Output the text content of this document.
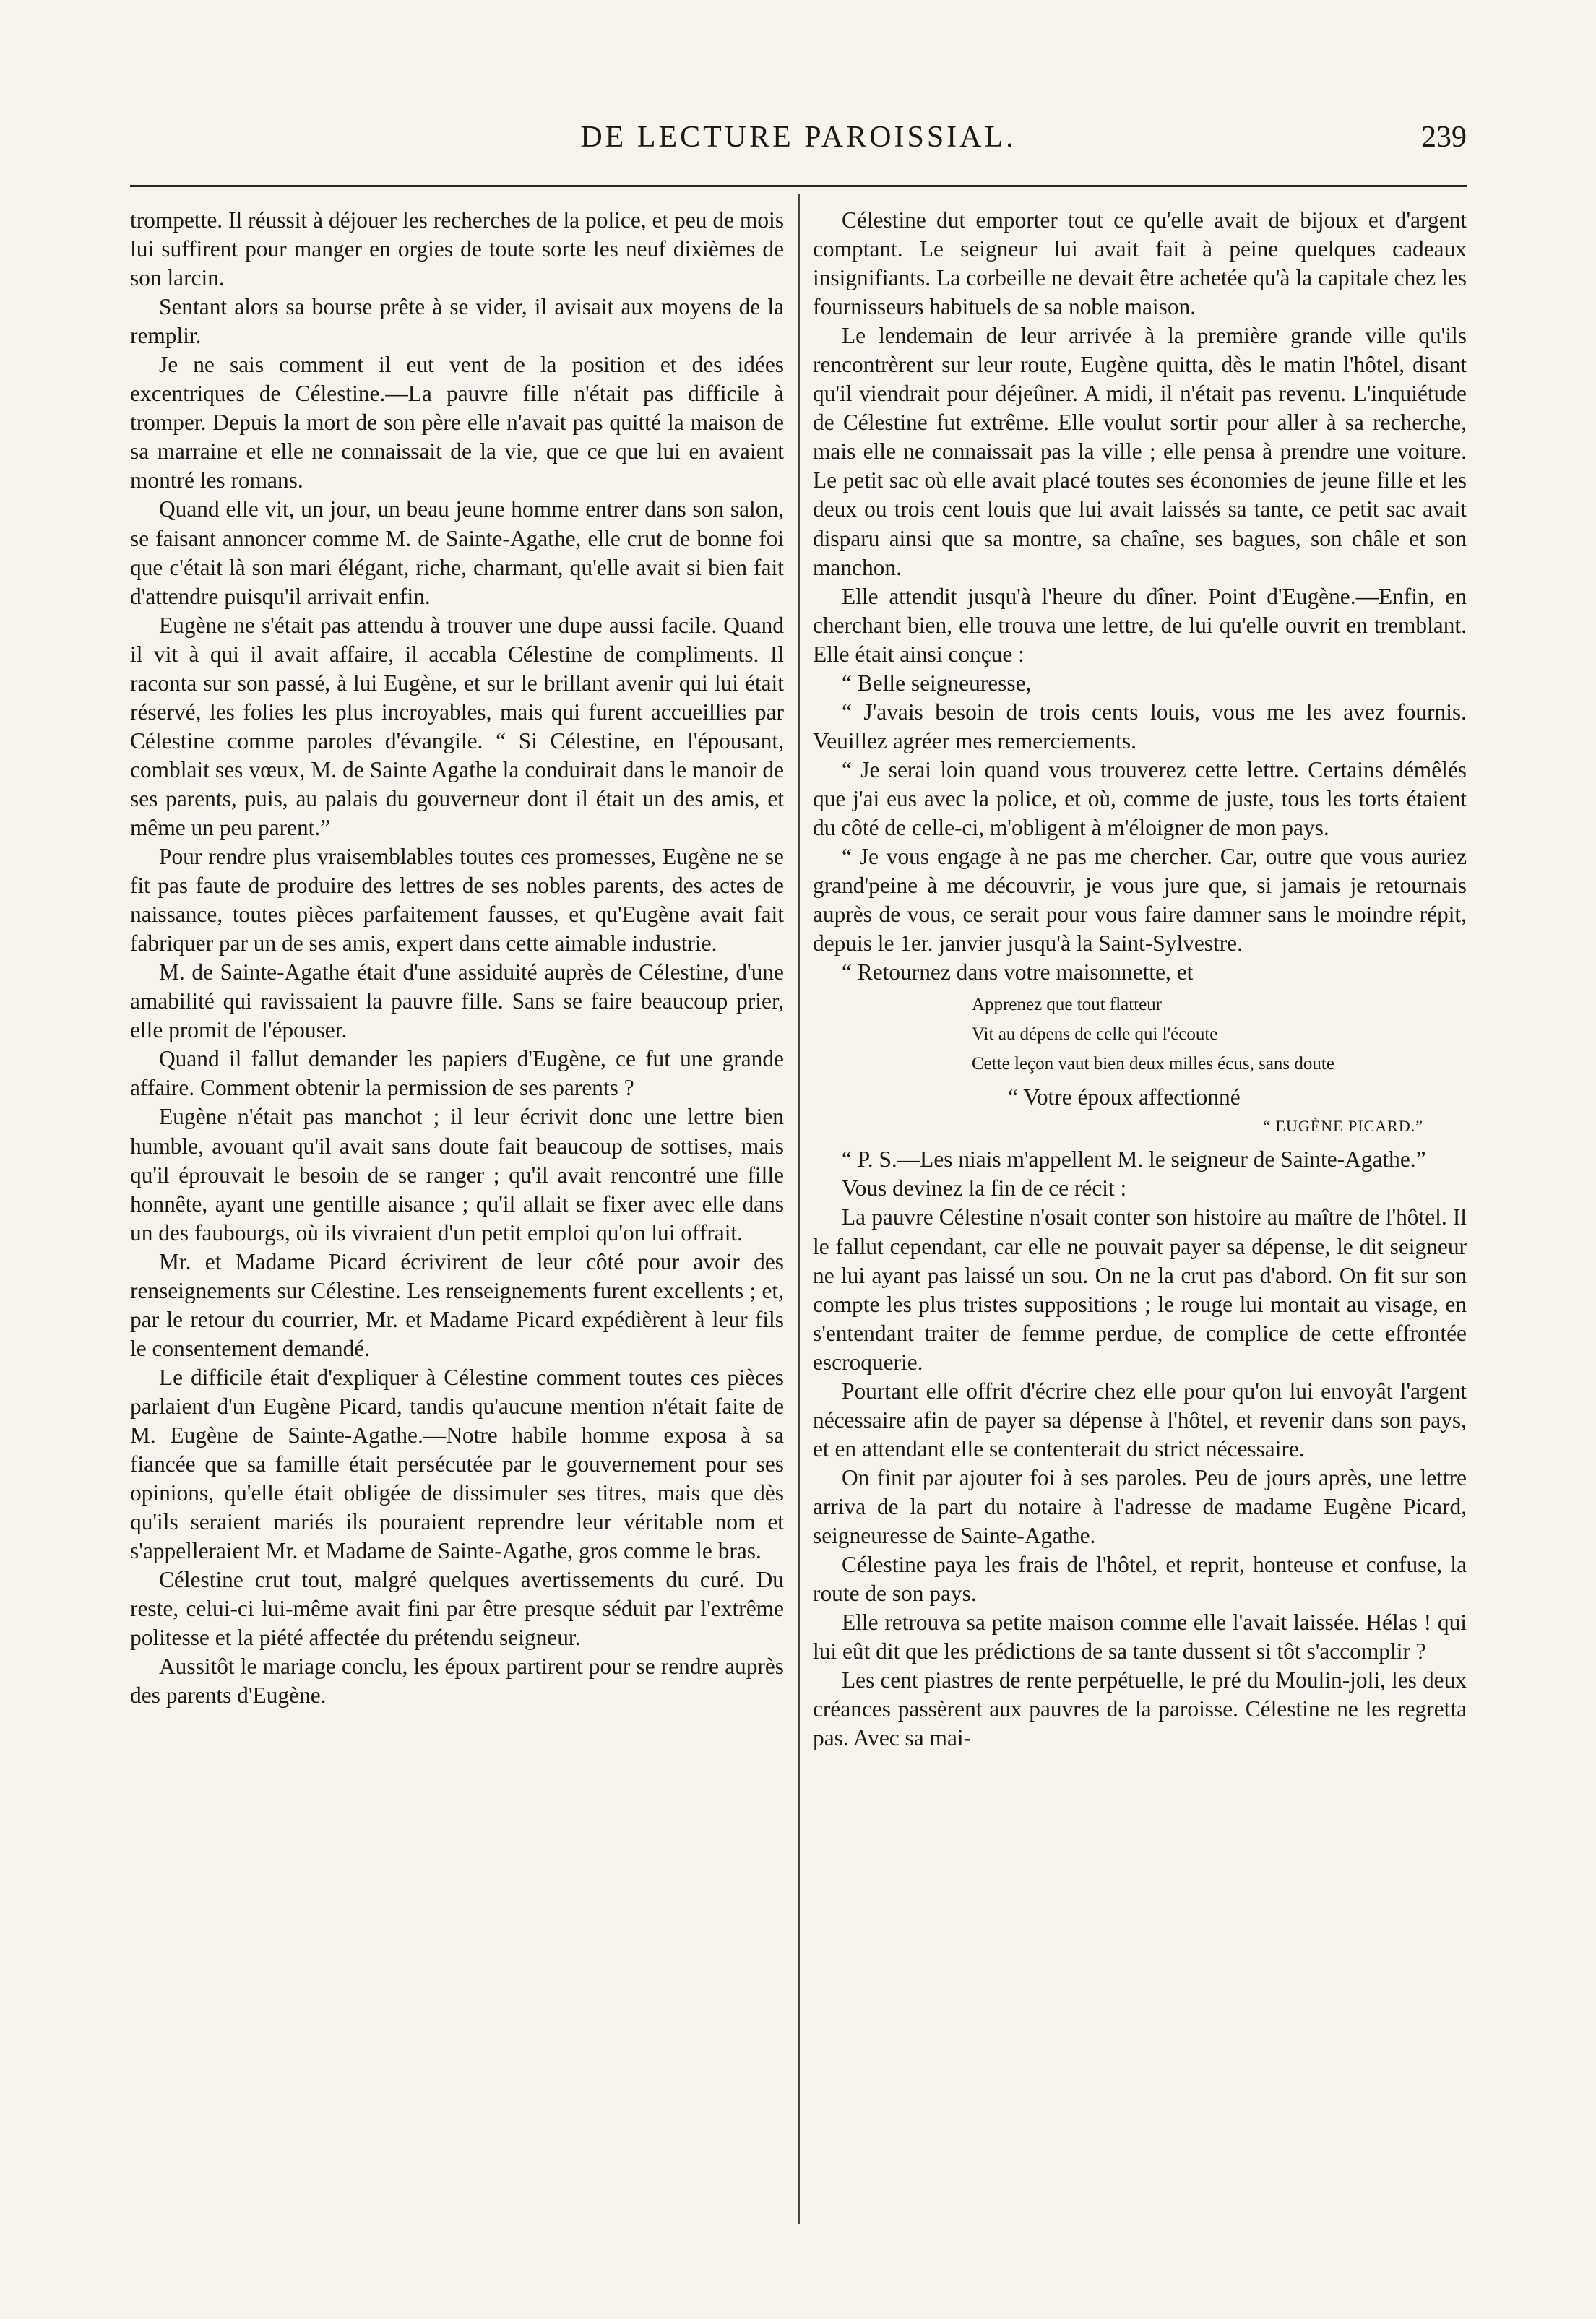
DE LECTURE PAROISSIAL.	239

trompette. Il réussit à déjouer les recherches de la police, et peu de mois lui suffirent pour manger en orgies de toute sorte les neuf dixièmes de son larcin.

Sentant alors sa bourse prête à se vider, il avisait aux moyens de la remplir.

Je ne sais comment il eut vent de la position et des idées excentriques de Célestine.—La pauvre fille n'était pas difficile à tromper. Depuis la mort de son père elle n'avait pas quitté la maison de sa marraine et elle ne connaissait de la vie, que ce que lui en avaient montré les romans.

Quand elle vit, un jour, un beau jeune homme entrer dans son salon, se faisant annoncer comme M. de Sainte-Agathe, elle crut de bonne foi que c'était là son mari élégant, riche, charmant, qu'elle avait si bien fait d'attendre puisqu'il arrivait enfin.

Eugène ne s'était pas attendu à trouver une dupe aussi facile. Quand il vit à qui il avait affaire, il accabla Célestine de compliments. Il raconta sur son passé, à lui Eugène, et sur le brillant avenir qui lui était réservé, les folies les plus incroyables, mais qui furent accueillies par Célestine comme paroles d'évangile. “ Si Célestine, en l'épousant, comblait ses vœux, M. de Sainte Agathe la conduirait dans le manoir de ses parents, puis, au palais du gouverneur dont il était un des amis, et même un peu parent.”

Pour rendre plus vraisemblables toutes ces promesses, Eugène ne se fit pas faute de produire des lettres de ses nobles parents, des actes de naissance, toutes pièces parfaitement fausses, et qu'Eugène avait fait fabriquer par un de ses amis, expert dans cette aimable industrie.

M. de Sainte-Agathe était d'une assiduité auprès de Célestine, d'une amabilité qui ravissaient la pauvre fille. Sans se faire beaucoup prier, elle promit de l'épouser.

Quand il fallut demander les papiers d'Eugène, ce fut une grande affaire. Comment obtenir la permission de ses parents ?

Eugène n'était pas manchot ; il leur écrivit donc une lettre bien humble, avouant qu'il avait sans doute fait beaucoup de sottises, mais qu'il éprouvait le besoin de se ranger ; qu'il avait rencontré une fille honnête, ayant une gentille aisance ; qu'il allait se fixer avec elle dans un des faubourgs, où ils vivraient d'un petit emploi qu'on lui offrait.

Mr. et Madame Picard écrivirent de leur côté pour avoir des renseignements sur Célestine. Les renseignements furent excellents ; et, par le retour du courrier, Mr. et Madame Picard expédièrent à leur fils le consentement demandé.

Le difficile était d'expliquer à Célestine comment toutes ces pièces parlaient d'un Eugène Picard, tandis qu'aucune mention n'était faite de M. Eugène de Sainte-Agathe.—Notre habile homme exposa à sa fiancée que sa famille était persécutée par le gouvernement pour ses opinions, qu'elle était obligée de dissimuler ses titres, mais que dès qu'ils seraient mariés ils pouraient reprendre leur véritable nom et s'appelleraient Mr. et Madame de Sainte-Agathe, gros comme le bras.

Célestine crut tout, malgré quelques avertissements du curé. Du reste, celui-ci lui-même avait fini par être presque séduit par l'extrême politesse et la piété affectée du prétendu seigneur.

Aussitôt le mariage conclu, les époux partirent pour se rendre auprès des parents d'Eugène.

Célestine dut emporter tout ce qu'elle avait de bijoux et d'argent comptant. Le seigneur lui avait fait à peine quelques cadeaux insignifiants. La corbeille ne devait être achetée qu'à la capitale chez les fournisseurs habituels de sa noble maison.

Le lendemain de leur arrivée à la première grande ville qu'ils rencontrèrent sur leur route, Eugène quitta, dès le matin l'hôtel, disant qu'il viendrait pour déjeûner. A midi, il n'était pas revenu. L'inquiétude de Célestine fut extrême. Elle voulut sortir pour aller à sa recherche, mais elle ne connaissait pas la ville ; elle pensa à prendre une voiture. Le petit sac où elle avait placé toutes ses économies de jeune fille et les deux ou trois cent louis que lui avait laissés sa tante, ce petit sac avait disparu ainsi que sa montre, sa chaîne, ses bagues, son châle et son manchon.

Elle attendit jusqu'à l'heure du dîner. Point d'Eugène.—Enfin, en cherchant bien, elle trouva une lettre, de lui qu'elle ouvrit en tremblant. Elle était ainsi conçue :

“ Belle seigneuresse,

“ J'avais besoin de trois cents louis, vous me les avez fournis. Veuillez agréer mes remerciements.

“ Je serai loin quand vous trouverez cette lettre. Certains démêlés que j'ai eus avec la police, et où, comme de juste, tous les torts étaient du côté de celle-ci, m'obligent à m'éloigner de mon pays.

“ Je vous engage à ne pas me chercher. Car, outre que vous auriez grand'peine à me découvrir, je vous jure que, si jamais je retournais auprès de vous, ce serait pour vous faire damner sans le moindre répit, depuis le 1er. janvier jusqu'à la Saint-Sylvestre.

“ Retournez dans votre maisonnette, et

Apprenez que tout flatteur
Vit au dépens de celle qui l'écoute
Cette leçon vaut bien deux milles écus, sans doute

“ Votre époux affectionné

“ EUGÈNE PICARD.”

“ P. S.—Les niais m'appellent M. le seigneur de Sainte-Agathe.”

Vous devinez la fin de ce récit :

La pauvre Célestine n'osait conter son histoire au maître de l'hôtel. Il le fallut cependant, car elle ne pouvait payer sa dépense, le dit seigneur ne lui ayant pas laissé un sou. On ne la crut pas d'abord. On fit sur son compte les plus tristes suppositions ; le rouge lui montait au visage, en s'entendant traiter de femme perdue, de complice de cette effrontée escroquerie.

Pourtant elle offrit d'écrire chez elle pour qu'on lui envoyât l'argent nécessaire afin de payer sa dépense à l'hôtel, et revenir dans son pays, et en attendant elle se contenterait du strict nécessaire.

On finit par ajouter foi à ses paroles. Peu de jours après, une lettre arriva de la part du notaire à l'adresse de madame Eugène Picard, seigneuresse de Sainte-Agathe.

Célestine paya les frais de l'hôtel, et reprit, honteuse et confuse, la route de son pays.

Elle retrouva sa petite maison comme elle l'avait laissée. Hélas ! qui lui eût dit que les prédictions de sa tante dussent si tôt s'accomplir ?

Les cent piastres de rente perpétuelle, le pré du Moulin-joli, les deux créances passèrent aux pauvres de la paroisse. Célestine ne les regretta pas. Avec sa mai-
